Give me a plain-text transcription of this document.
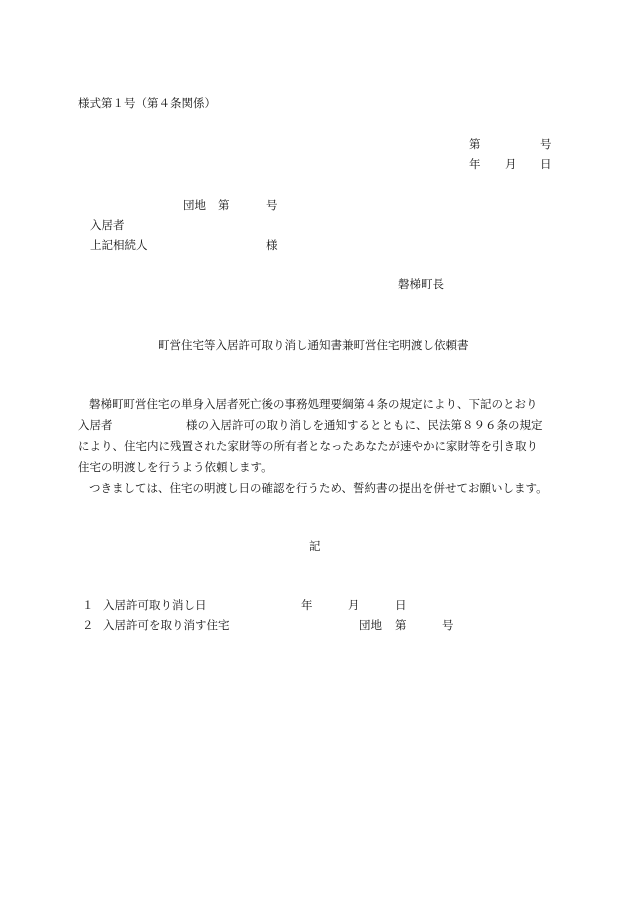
様式第１号（第４条関係）
第	号
年 月 日
団地 第	号
入居者
上記相続人	様
磐梯町長
町営住宅等入居許可取り消し通知書兼町営住宅明渡し依頼書
磐梯町町営住宅の単身入居者死亡後の事務処理要綱第４条の規定により、下記のとおり
入居者	様の入居許可の取り消しを通知するとともに、民法第８９６条の規定
により、住宅内に残置された家財等の所有者となったあなたが速やかに家財等を引き取り
住宅の明渡しを行うよう依頼します。
つきましては、住宅の明渡し日の確認を行うため、誓約書の提出を併せてお願いします。
記
１ 入居許可取り消し日	年	月	日
２ 入居許可を取り消す住宅	団地 第	号
